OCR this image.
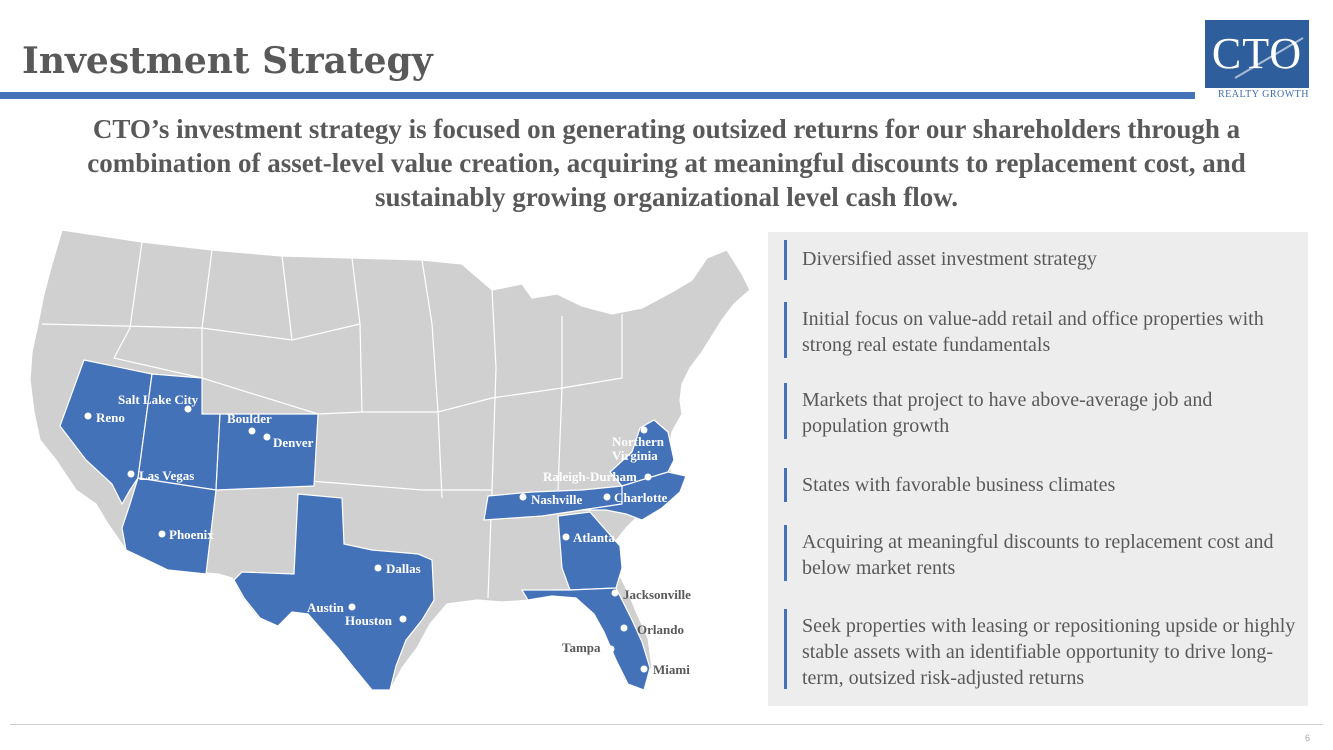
Investment Strategy	CTO
REALTY GROWTH
CTO’s investment strategy is focused on generating outsized returns for our shareholders through a combination of asset-level value creation, acquiring at meaningful discounts to replacement cost, and sustainably growing organizational level cash flow.
Salt Lake City
Reno	Boulder
Denver
Las Vegas
Phoenix
Dallas
Austin
Houston
Northern Virginia
Raleigh-Durham
Nashville Charlotte
Atlanta
Jacksonville
Orlando
Tampa
Miami
Diversified asset investment strategy
Initial focus on value-add retail and office properties with strong real estate fundamentals
Markets that project to have above-average job and population growth
States with favorable business climates
Acquiring at meaningful discounts to replacement cost and below market rents
Seek properties with leasing or repositioning upside or highly stable assets with an identifiable opportunity to drive long-term, outsized risk-adjusted returns
6
